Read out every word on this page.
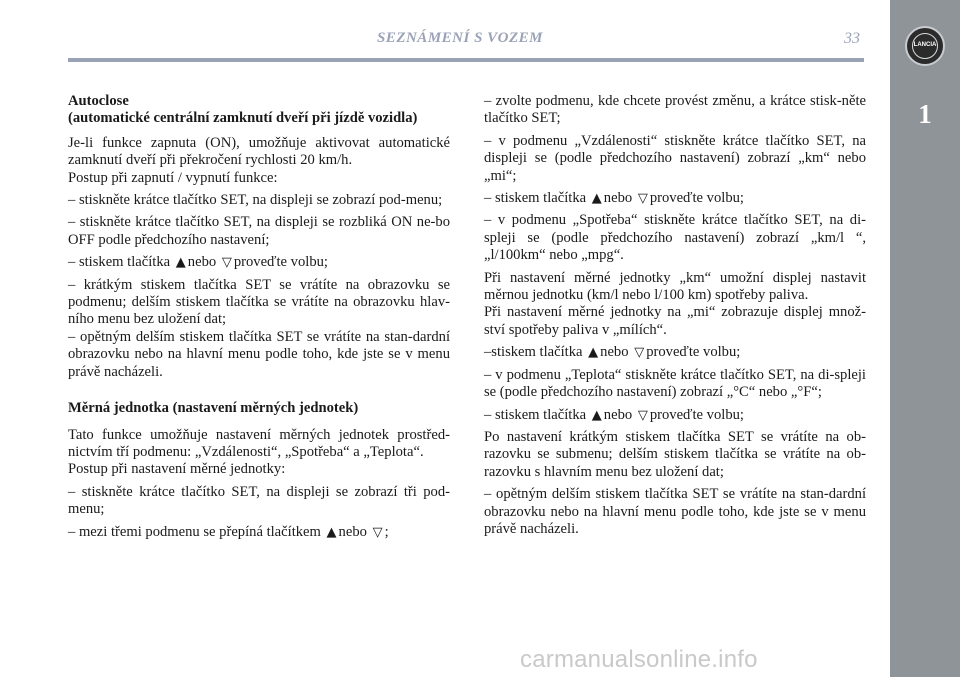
SEZNÁMENÍ S VOZEM	33	LANCIA
1
Autoclose
(automatické centrální zamknutí dveří při jízdě vozidla)

Je-li funkce zapnuta (ON), umožňuje aktivovat automatické zamknutí dveří při překročení rychlosti 20 km/h.

Postup při zapnutí / vypnutí funkce:

– stiskněte krátce tlačítko SET, na displeji se zobrazí pod-menu;

– stiskněte krátce tlačítko SET, na displeji se rozbliká ON ne-bo OFF podle předchozího nastavení;

– stiskem tlačítka ▲ nebo ▽ proveďte volbu;

– krátkým stiskem tlačítka SET se vrátíte na obrazovku se podmenu; delším stiskem tlačítka se vrátíte na obrazovku hlav-ního menu bez uložení dat;

– opětným delším stiskem tlačítka SET se vrátíte na stan-dardní obrazovku nebo na hlavní menu podle toho, kde jste se v menu právě nacházeli.

Měrná jednotka (nastavení měrných jednotek)

Tato funkce umožňuje nastavení měrných jednotek prostřed-nictvím tří podmenu: „Vzdálenosti“, „Spotřeba“ a „Teplota“.

Postup při nastavení měrné jednotky:

– stiskněte krátce tlačítko SET, na displeji se zobrazí tři pod-menu;

– mezi třemi podmenu se přepíná tlačítkem ▲ nebo ▽ ;

– zvolte podmenu, kde chcete provést změnu, a krátce stisk-něte tlačítko SET;

– v podmenu „Vzdálenosti“ stiskněte krátce tlačítko SET, na displeji se (podle předchozího nastavení) zobrazí „km“ nebo „mi“;

– stiskem tlačítka ▲ nebo ▽ proveďte volbu;

– v podmenu „Spotřeba“ stiskněte krátce tlačítko SET, na di-spleji se (podle předchozího nastavení) zobrazí „km/l “, „l/100km“ nebo „mpg“.

Při nastavení měrné jednotky „km“ umožní displej nastavit měrnou jednotku (km/l nebo l/100 km) spotřeby paliva.

Při nastavení měrné jednotky na „mi“ zobrazuje displej množ-ství spotřeby paliva v „mílích“.

–stiskem tlačítka ▲ nebo ▽ proveďte volbu;

– v podmenu „Teplota“ stiskněte krátce tlačítko SET, na di-spleji se (podle předchozího nastavení) zobrazí „°C“ nebo „°F“;

– stiskem tlačítka ▲ nebo ▽ proveďte volbu;

Po nastavení krátkým stiskem tlačítka SET se vrátíte na ob-razovku se submenu; delším stiskem tlačítka se vrátíte na ob-razovku s hlavním menu bez uložení dat;

– opětným delším stiskem tlačítka SET se vrátíte na stan-dardní obrazovku nebo na hlavní menu podle toho, kde jste se v menu právě nacházeli.

carmanualsonline.info
